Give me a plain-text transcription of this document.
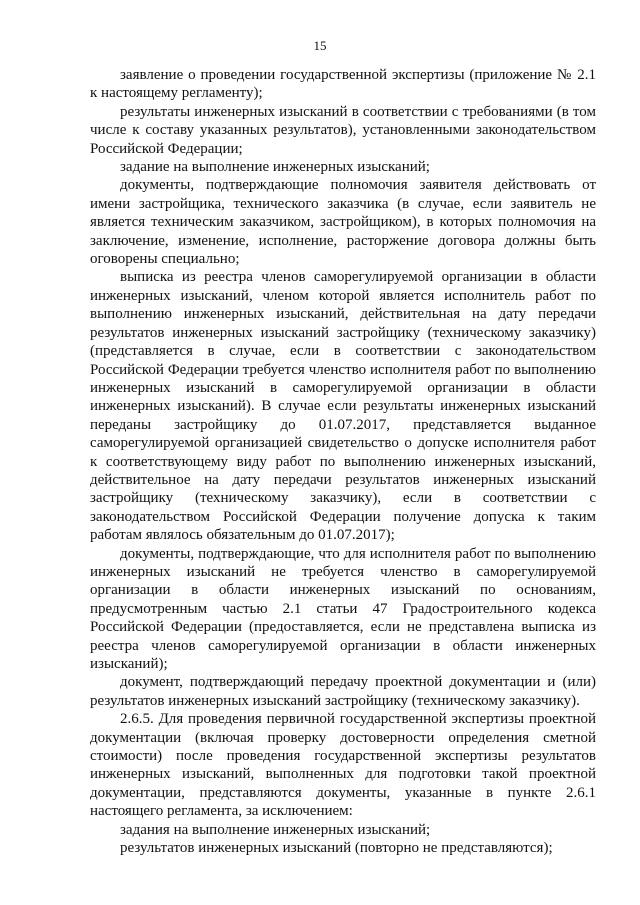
15

заявление о проведении государственной экспертизы (приложение № 2.1 к настоящему регламенту);

результаты инженерных изысканий в соответствии с требованиями (в том числе к составу указанных результатов), установленными законодательством Российской Федерации;

задание на выполнение инженерных изысканий;

документы, подтверждающие полномочия заявителя действовать от имени застройщика, технического заказчика (в случае, если заявитель не является техническим заказчиком, застройщиком), в которых полномочия на заключение, изменение, исполнение, расторжение договора должны быть оговорены специально;

выписка из реестра членов саморегулируемой организации в области инженерных изысканий, членом которой является исполнитель работ по выполнению инженерных изысканий, действительная на дату передачи результатов инженерных изысканий застройщику (техническому заказчику) (представляется в случае, если в соответствии с законодательством Российской Федерации требуется членство исполнителя работ по выполнению инженерных изысканий в саморегулируемой организации в области инженерных изысканий). В случае если результаты инженерных изысканий переданы застройщику до 01.07.2017, представляется выданное саморегулируемой организацией свидетельство о допуске исполнителя работ к соответствующему виду работ по выполнению инженерных изысканий, действительное на дату передачи результатов инженерных изысканий застройщику (техническому заказчику), если в соответствии с законодательством Российской Федерации получение допуска к таким работам являлось обязательным до 01.07.2017);

документы, подтверждающие, что для исполнителя работ по выполнению инженерных изысканий не требуется членство в саморегулируемой организации в области инженерных изысканий по основаниям, предусмотренным частью 2.1 статьи 47 Градостроительного кодекса Российской Федерации (предоставляется, если не представлена выписка из реестра членов саморегулируемой организации в области инженерных изысканий);

документ, подтверждающий передачу проектной документации и (или) результатов инженерных изысканий застройщику (техническому заказчику).

2.6.5. Для проведения первичной государственной экспертизы проектной документации (включая проверку достоверности определения сметной стоимости) после проведения государственной экспертизы результатов инженерных изысканий, выполненных для подготовки такой проектной документации, представляются документы, указанные в пункте 2.6.1 настоящего регламента, за исключением:

задания на выполнение инженерных изысканий;

результатов инженерных изысканий (повторно не представляются);
